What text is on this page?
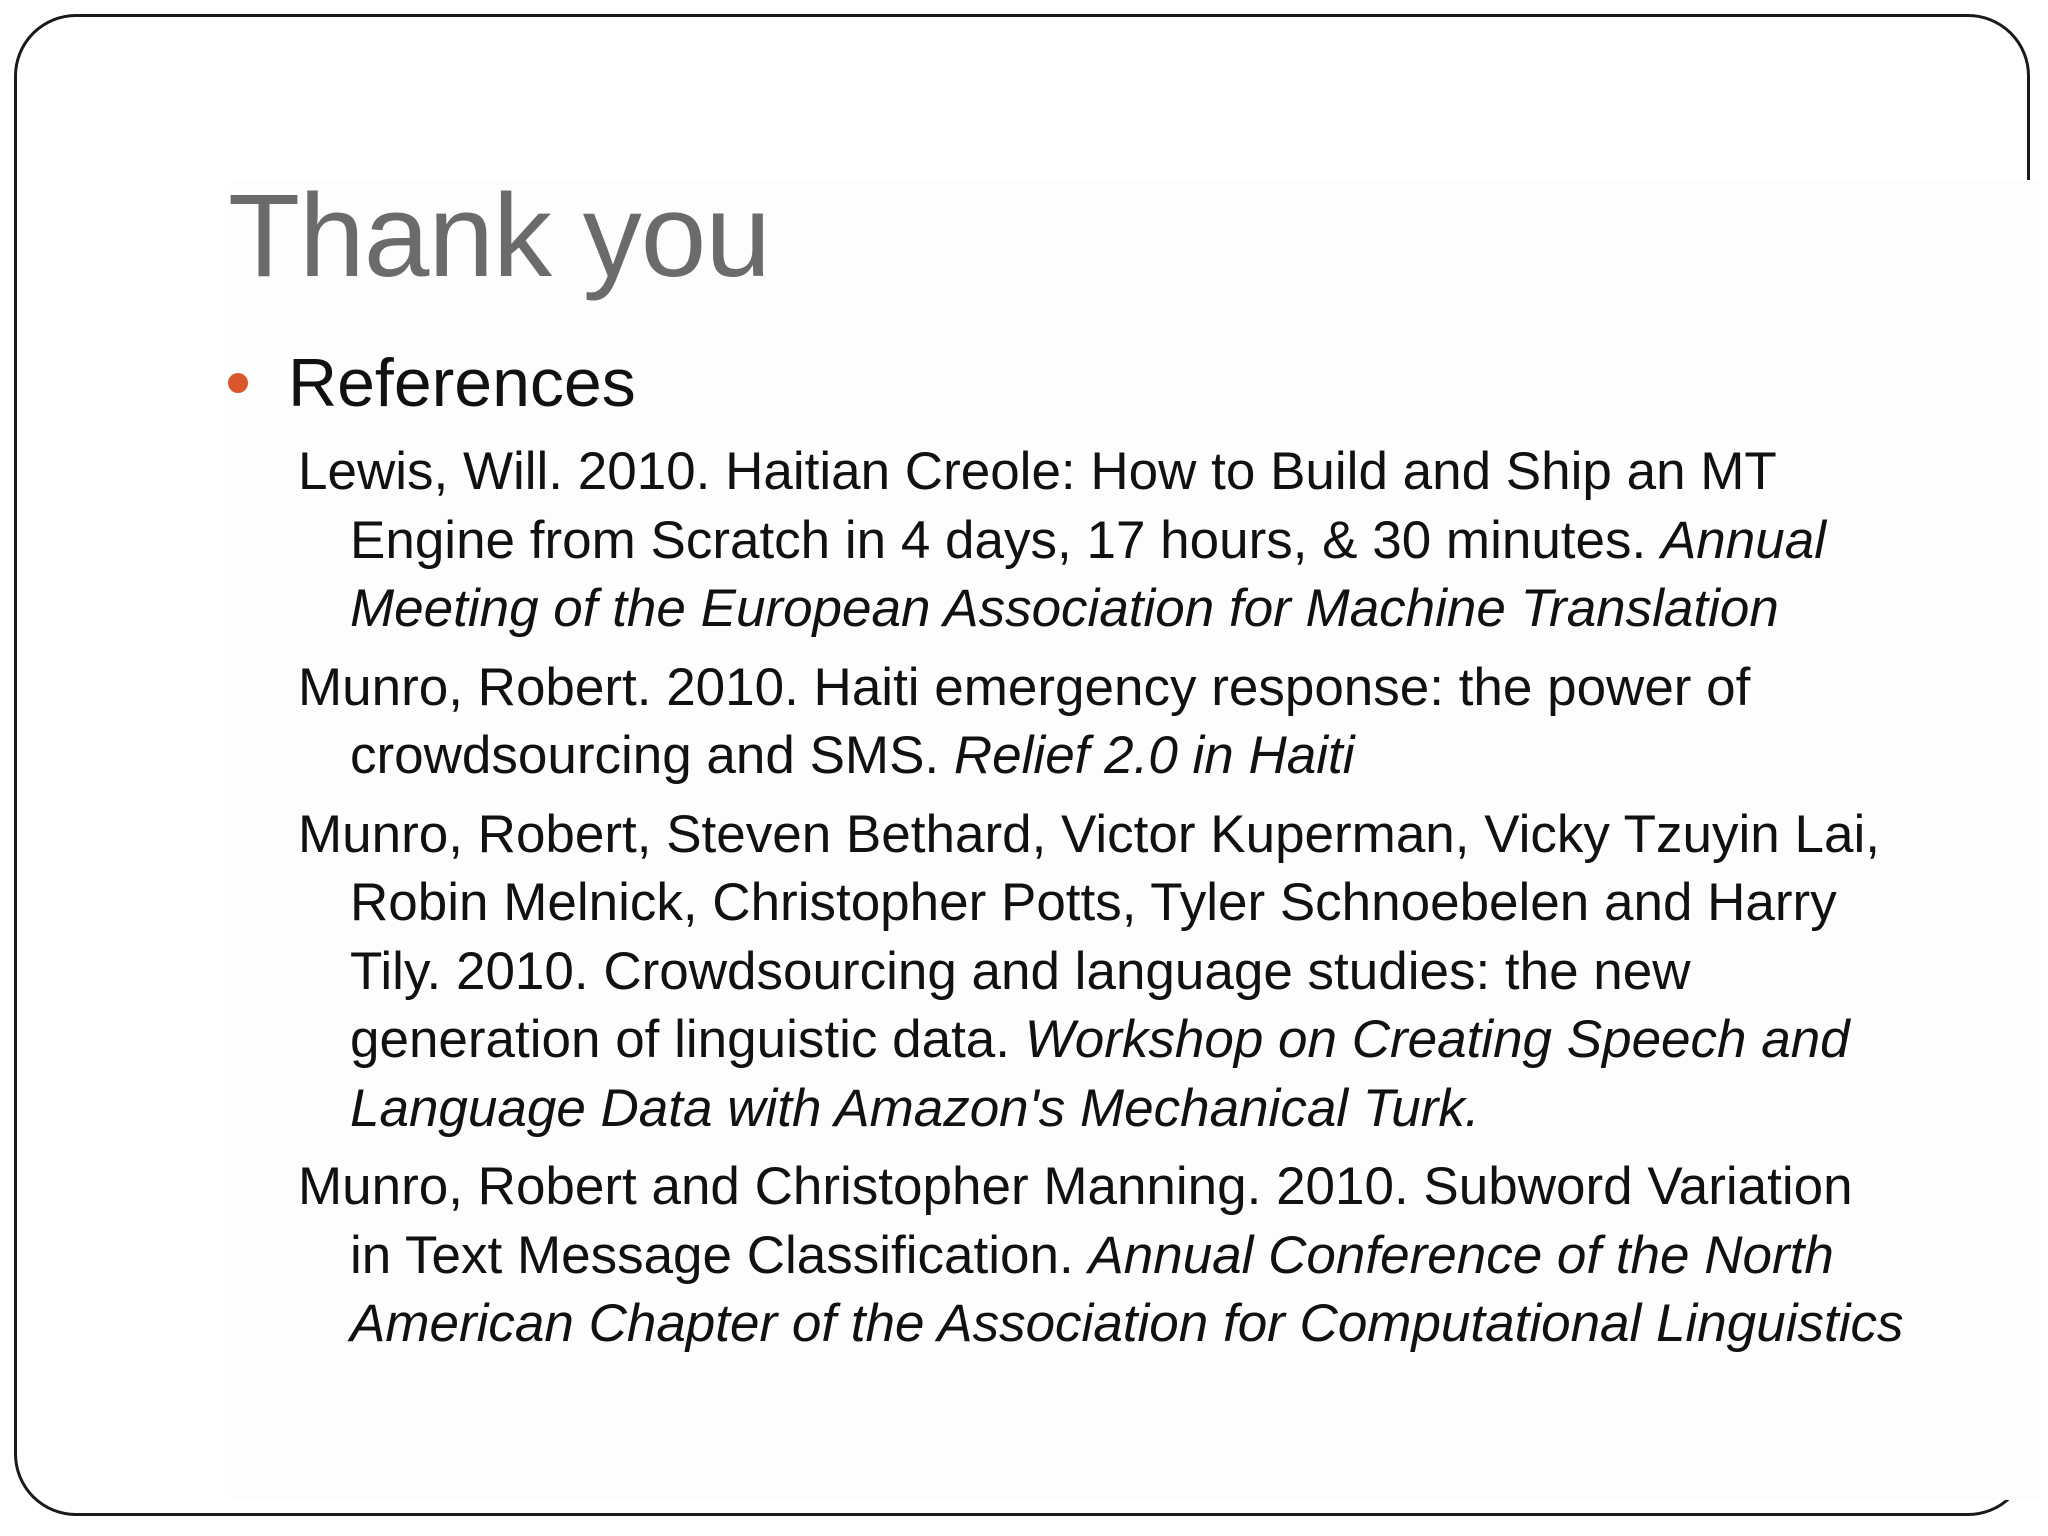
Thank you
References

Lewis, Will. 2010. Haitian Creole: How to Build and Ship an MT Engine from Scratch in 4 days, 17 hours, & 30 minutes. Annual Meeting of the European Association for Machine Translation

Munro, Robert. 2010. Haiti emergency response: the power of crowdsourcing and SMS. Relief 2.0 in Haiti

Munro, Robert, Steven Bethard, Victor Kuperman, Vicky Tzuyin Lai, Robin Melnick, Christopher Potts, Tyler Schnoebelen and Harry Tily. 2010. Crowdsourcing and language studies: the new generation of linguistic data. Workshop on Creating Speech and Language Data with Amazon's Mechanical Turk.

Munro, Robert and Christopher Manning. 2010. Subword Variation in Text Message Classification. Annual Conference of the North American Chapter of the Association for Computational Linguistics
